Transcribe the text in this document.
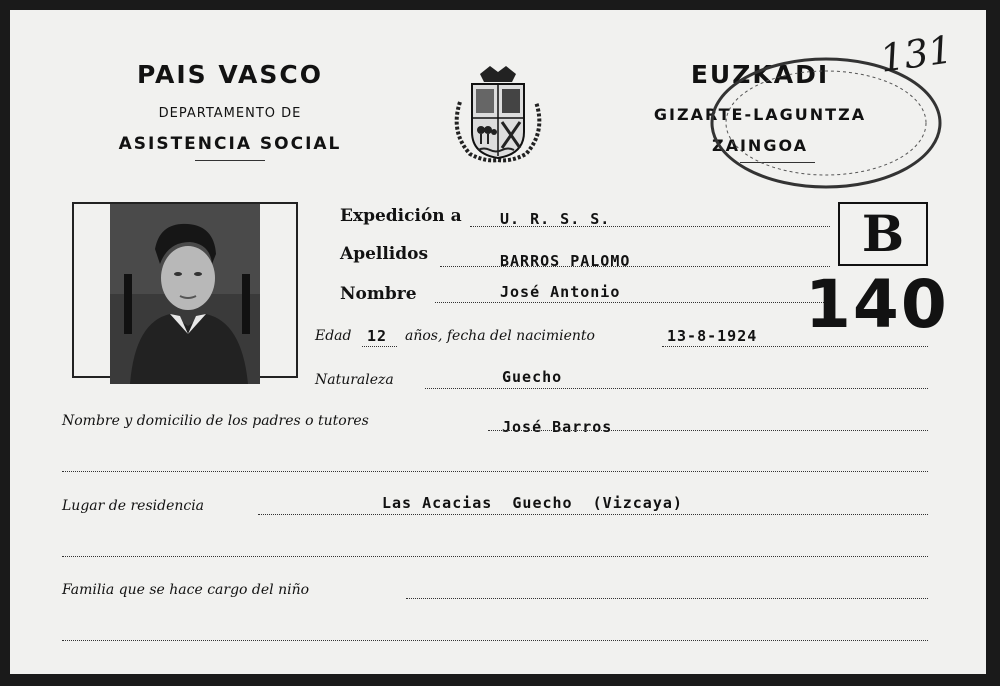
PAIS VASCO
DEPARTAMENTO DE
ASISTENCIA SOCIAL
EUZKADI
GIZARTE-LAGUNTZA
ZAINGOA
131
Expedición a	U. R. S. S.
Apellidos	BARROS PALOMO
Nombre	José Antonio
B
140
Edad 12 años, fecha del nacimiento	13-8-1924
Naturaleza	Guecho
Nombre y domicilio de los padres o tutores	José Barros
Lugar de residencia	Las Acacias  Guecho  (Vizcaya)
Familia que se hace cargo del niño
